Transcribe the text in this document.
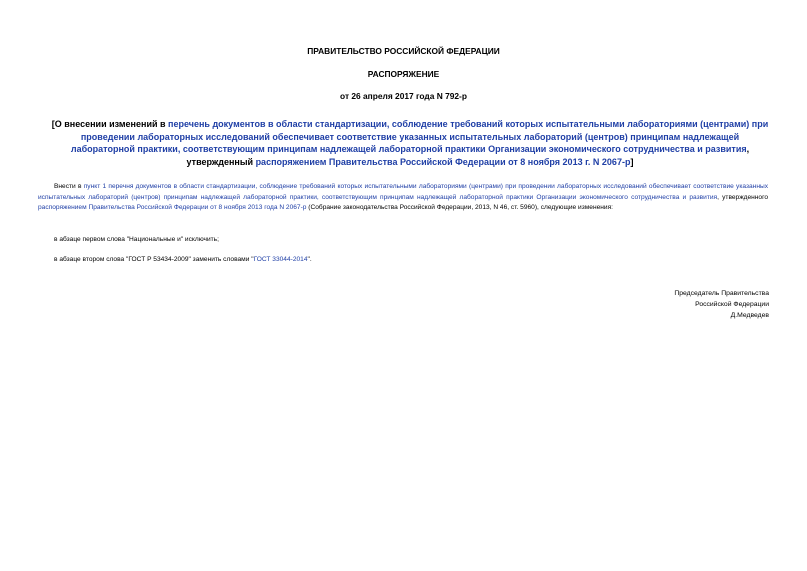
ПРАВИТЕЛЬСТВО РОССИЙСКОЙ ФЕДЕРАЦИИ
РАСПОРЯЖЕНИЕ
от 26 апреля 2017 года N 792-р
[О внесении изменений в перечень документов в области стандартизации, соблюдение требований которых испытательными лабораториями (центрами) при проведении лабораторных исследований обеспечивает соответствие указанных испытательных лабораторий (центров) принципам надлежащей лабораторной практики, соответствующим принципам надлежащей лабораторной практики Организации экономического сотрудничества и развития, утвержденный распоряжением Правительства Российской Федерации от 8 ноября 2013 г. N 2067-р]
Внести в пункт 1 перечня документов в области стандартизации, соблюдение требований которых испытательными лабораториями (центрами) при проведении лабораторных исследований обеспечивает соответствие указанных испытательных лабораторий (центров) принципам надлежащей лабораторной практики, соответствующим принципам надлежащей лабораторной практики Организации экономического сотрудничества и развития, утвержденного распоряжением Правительства Российской Федерации от 8 ноября 2013 года N 2067-р (Собрание законодательства Российской Федерации, 2013, N 46, ст. 5960), следующие изменения:
в абзаце первом слова "Национальные и" исключить;
в абзаце втором слова "ГОСТ Р 53434-2009" заменить словами "ГОСТ 33044-2014".
Председатель Правительства
Российской Федерации
Д.Медведев
